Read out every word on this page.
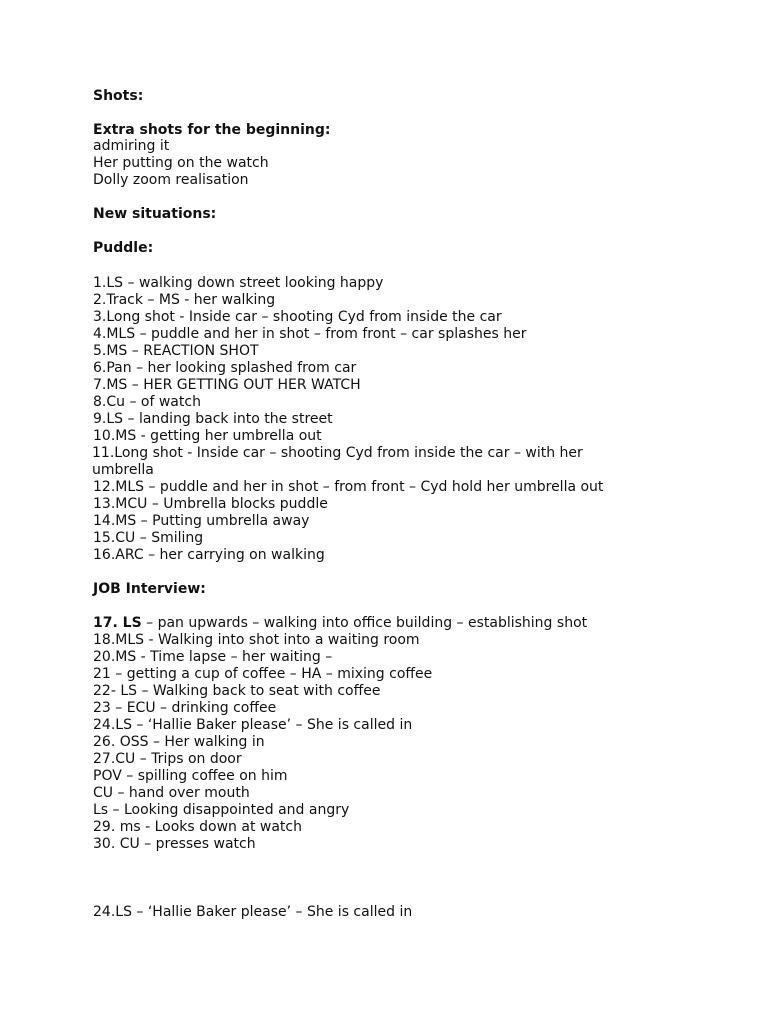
Shots:
Extra shots for the beginning:
admiring it
Her putting on the watch
Dolly zoom realisation
New situations:
Puddle:
1.LS – walking down street looking happy
2.Track – MS - her walking
3.Long shot - Inside car – shooting Cyd from inside the car
4.MLS – puddle and her in shot – from front – car splashes her
5.MS – REACTION SHOT
6.Pan – her looking splashed from car
7.MS – HER GETTING OUT HER WATCH
8.Cu – of watch
9.LS – landing back into the street
10.MS - getting her umbrella out
11.Long shot - Inside car – shooting Cyd from inside the car – with her umbrella
12.MLS – puddle and her in shot – from front – Cyd hold her umbrella out
13.MCU – Umbrella blocks puddle
14.MS – Putting umbrella away
15.CU – Smiling
16.ARC – her carrying on walking
JOB Interview:
17. LS – pan upwards – walking into office building – establishing shot
18.MLS - Walking into shot into a waiting room
20.MS - Time lapse – her waiting –
21 – getting a cup of coffee – HA – mixing coffee
22- LS – Walking back to seat with coffee
23 – ECU – drinking coffee
24.LS – ‘Hallie Baker please’ – She is called in
26. OSS – Her walking in
27.CU – Trips on door
POV – spilling coffee on him
CU – hand over mouth
Ls – Looking disappointed and angry
29. ms - Looks down at watch
30. CU – presses watch
24.LS – ‘Hallie Baker please’ – She is called in
